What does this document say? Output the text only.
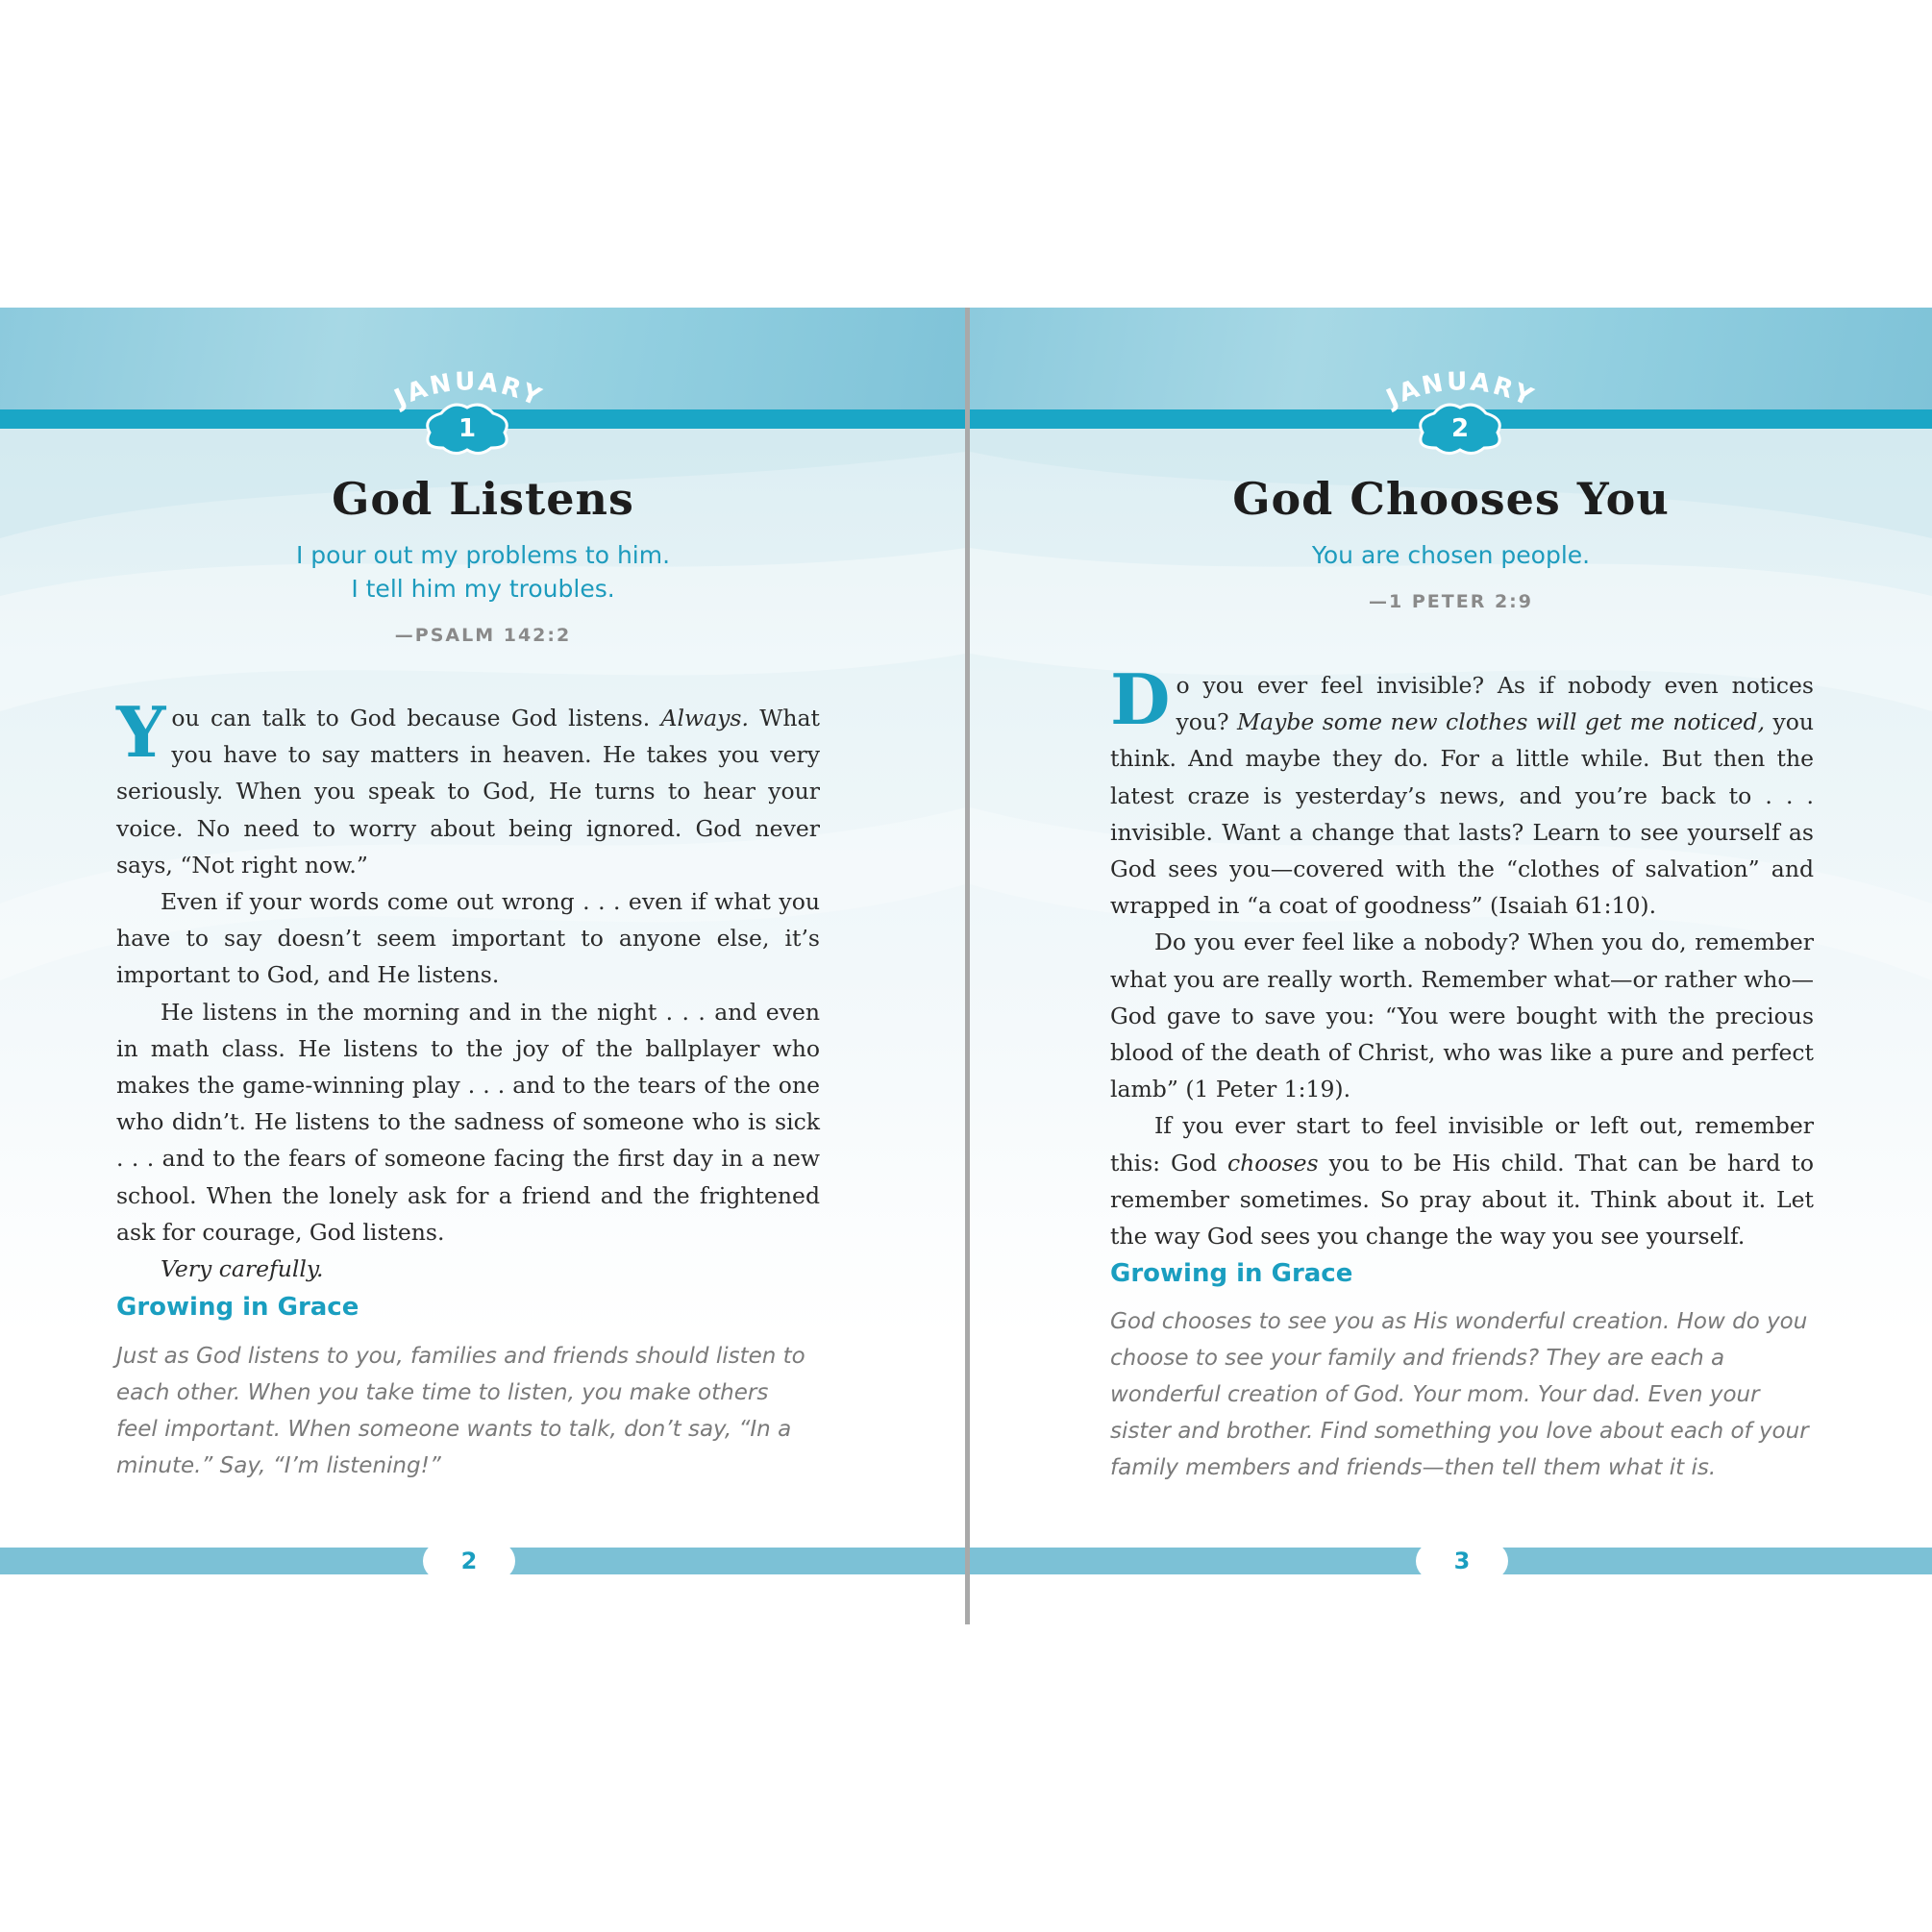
JANUARY
1
God Listens
I pour out my problems to him.
I tell him my troubles.
—PSALM 142:2

You can talk to God because God listens. Always. What you have to say matters in heaven. He takes you very seriously. When you speak to God, He turns to hear your voice. No need to worry about being ignored. God never says, “Not right now.”

Even if your words come out wrong . . . even if what you have to say doesn’t seem important to anyone else, it’s important to God, and He listens.

He listens in the morning and in the night . . . and even in math class. He listens to the joy of the ballplayer who makes the game-winning play . . . and to the tears of the one who didn’t. He listens to the sadness of someone who is sick . . . and to the fears of someone facing the first day in a new school. When the lonely ask for a friend and the frightened ask for courage, God listens.

Very carefully.

Growing in Grace
Just as God listens to you, families and friends should listen to each other. When you take time to listen, you make others feel important. When someone wants to talk, don’t say, “In a minute.” Say, “I’m listening!”
2
JANUARY
2
God Chooses You
You are chosen people.
—1 PETER 2:9

Do you ever feel invisible? As if nobody even notices you? Maybe some new clothes will get me noticed, you think. And maybe they do. For a little while. But then the latest craze is yesterday’s news, and you’re back to . . . invisible. Want a change that lasts? Learn to see yourself as God sees you—covered with the “clothes of salvation” and wrapped in “a coat of goodness” (Isaiah 61:10).

Do you ever feel like a nobody? When you do, remember what you are really worth. Remember what—or rather who—God gave to save you: “You were bought with the precious blood of the death of Christ, who was like a pure and perfect lamb” (1 Peter 1:19).

If you ever start to feel invisible or left out, remember this: God chooses you to be His child. That can be hard to remember sometimes. So pray about it. Think about it. Let the way God sees you change the way you see yourself.

Growing in Grace
God chooses to see you as His wonderful creation. How do you choose to see your family and friends? They are each a wonderful creation of God. Your mom. Your dad. Even your sister and brother. Find something you love about each of your family members and friends—then tell them what it is.
3
